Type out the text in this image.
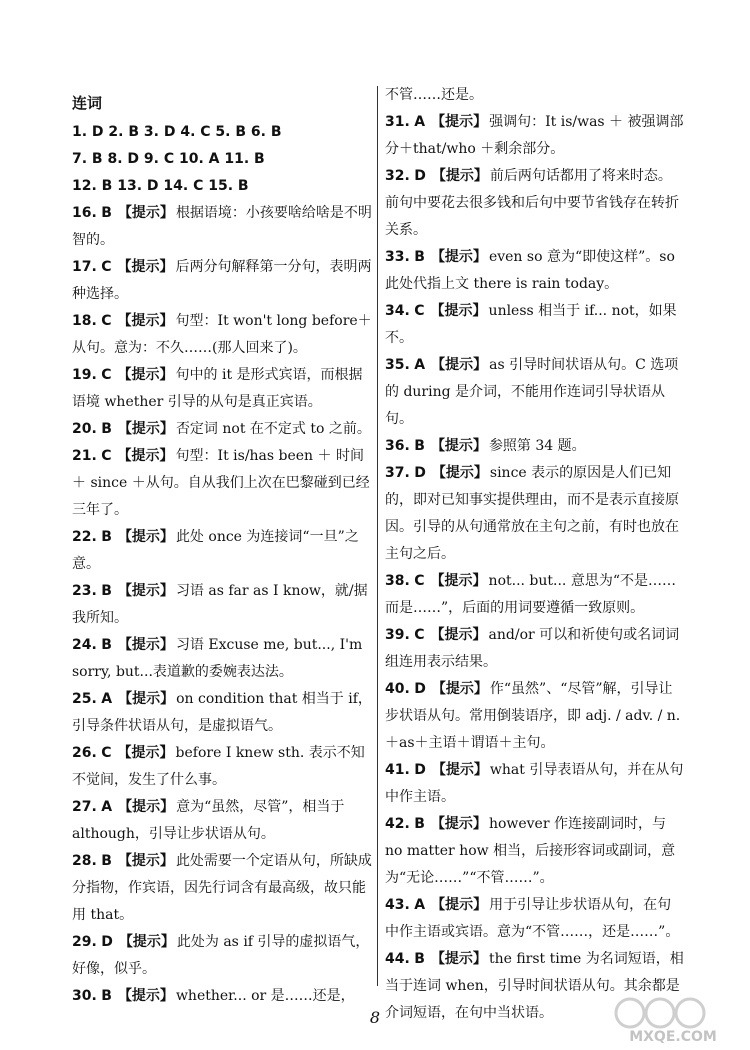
连词
1. D 2. B 3. D 4. C 5. B 6. B
7. B 8. D 9. C 10. A 11. B
12. B 13. D 14. C 15. B
16. B 【提示】 根据语境：小孩要啥给啥是不明智的。
17. C 【提示】 后两分句解释第一分句，表明两种选择。
18. C 【提示】 句型：It won't long before＋从句。意为：不久……(那人回来了)。
19. C 【提示】 句中的 it 是形式宾语，而根据语境 whether 引导的从句是真正宾语。
20. B 【提示】 否定词 not 在不定式 to 之前。
21. C 【提示】 句型：It is/has been ＋ 时间 ＋ since ＋从句。自从我们上次在巴黎碰到已经三年了。
22. B 【提示】 此处 once 为连接词“一旦”之意。
23. B 【提示】 习语 as far as I know，就/据我所知。
24. B 【提示】 习语 Excuse me, but..., I'm sorry, but...表道歉的委婉表达法。
25. A 【提示】 on condition that 相当于 if，引导条件状语从句，是虚拟语气。
26. C 【提示】 before I knew sth. 表示不知不觉间，发生了什么事。
27. A 【提示】 意为“虽然，尽管”，相当于 although，引导让步状语从句。
28. B 【提示】 此处需要一个定语从句，所缺成分指物，作宾语，因先行词含有最高级，故只能用 that。
29. D 【提示】 此处为 as if 引导的虚拟语气，好像，似乎。
30. B 【提示】 whether... or 是……还是，
不管……还是。
31. A 【提示】 强调句：It is/was ＋ 被强调部分＋that/who ＋剩余部分。
32. D 【提示】 前后两句话都用了将来时态。前句中要花去很多钱和后句中要节省钱存在转折关系。
33. B 【提示】 even so 意为“即使这样”。so 此处代指上文 there is rain today。
34. C 【提示】 unless 相当于 if... not，如果不。
35. A 【提示】 as 引导时间状语从句。C 选项的 during 是介词，不能用作连词引导状语从句。
36. B 【提示】 参照第 34 题。
37. D 【提示】 since 表示的原因是人们已知的，即对已知事实提供理由，而不是表示直接原因。引导的从句通常放在主句之前，有时也放在主句之后。
38. C 【提示】 not... but... 意思为“不是……而是……”，后面的用词要遵循一致原则。
39. C 【提示】 and/or 可以和祈使句或名词词组连用表示结果。
40. D 【提示】 作“虽然”、“尽管”解，引导让步状语从句。常用倒装语序，即 adj. / adv. / n. ＋as＋主语＋谓语＋主句。
41. D 【提示】 what 引导表语从句，并在从句中作主语。
42. B 【提示】 however 作连接副词时，与 no matter how 相当，后接形容词或副词，意为“无论……”“不管……”。
43. A 【提示】 用于引导让步状语从句，在句中作主语或宾语。意为“不管……，还是……”。
44. B 【提示】 the first time 为名词短语，相当于连词 when，引导时间状语从句。其余都是介词短语，在句中当状语。
8
MXQE.COM
